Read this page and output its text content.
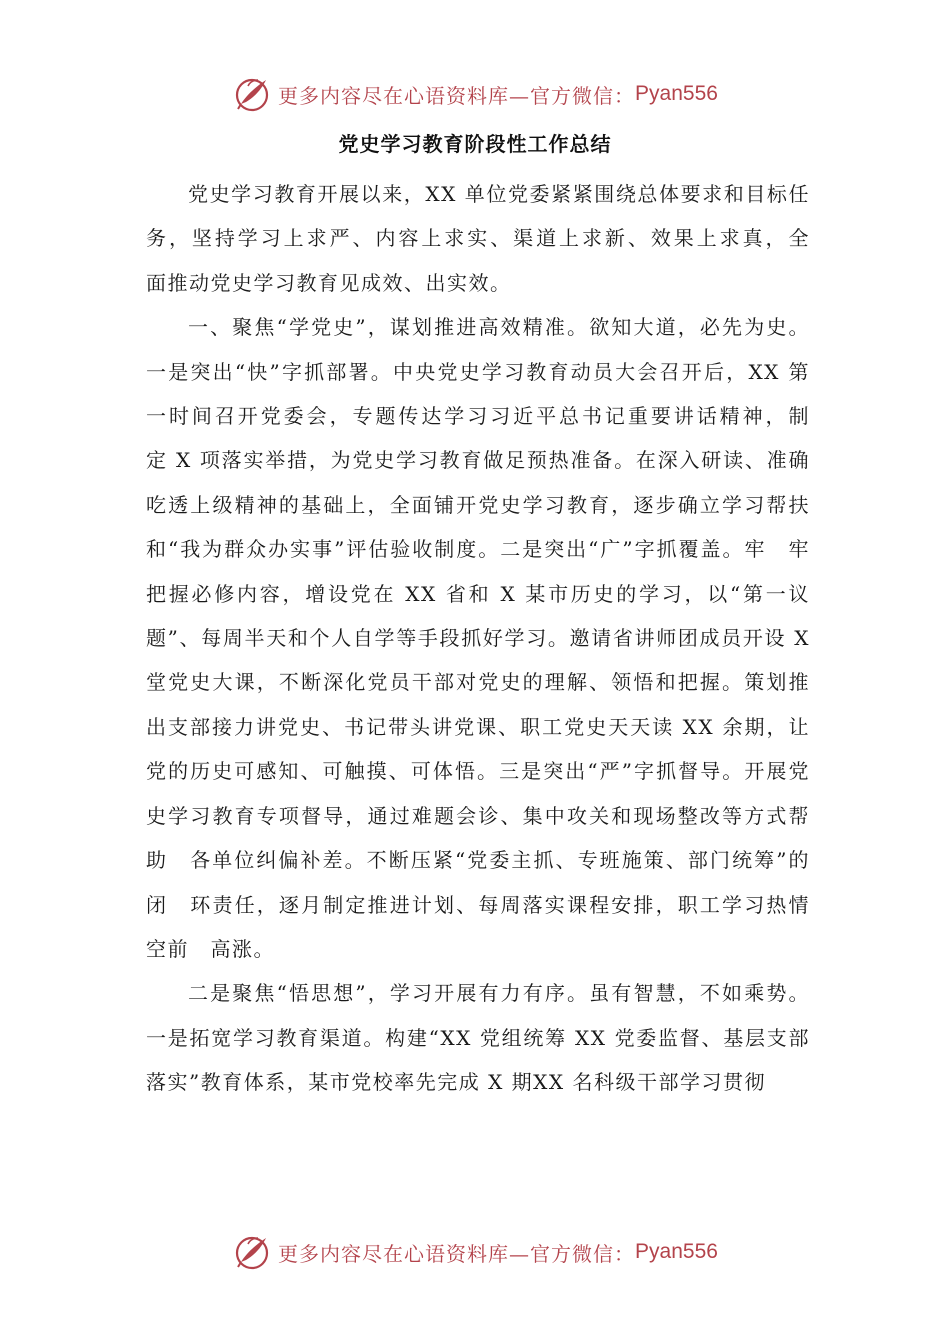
更多内容尽在心语资料库—官方微信： Pyan556
党史学习教育阶段性工作总结

党史学习教育开展以来，XX 单位党委紧紧围绕总体要求和目标任务，坚持学习上求严、内容上求实、渠道上求新、效果上求真，全　面推动党史学习教育见成效、出实效。

一、聚焦“学党史”，谋划推进高效精准。欲知大道，必先为史。一是突出“快”字抓部署。中央党史学习教育动员大会召开后，XX 第一时间召开党委会，专题传达学习习近平总书记重要讲话精神，制　定 X 项落实举措，为党史学习教育做足预热准备。在深入研读、准确吃透上级精神的基础上，全面铺开党史学习教育，逐步确立学习帮扶　和“我为群众办实事”评估验收制度。二是突出“广”字抓覆盖。牢　牢把握必修内容，增设党在 XX 省和 X 某市历史的学习，以“第一议题”、每周半天和个人自学等手段抓好学习。邀请省讲师团成员开设 X 堂党史大课，不断深化党员干部对党史的理解、领悟和把握。策划推出支部接力讲党史、书记带头讲党课、职工党史天天读 XX 余期，让党的历史可感知、可触摸、可体悟。三是突出“严”字抓督导。开展党史学习教育专项督导，通过难题会诊、集中攻关和现场整改等方式帮助　各单位纠偏补差。不断压紧“党委主抓、专班施策、部门统筹”的闭　环责任，逐月制定推进计划、每周落实课程安排，职工学习热情空前　高涨。

二是聚焦“悟思想”，学习开展有力有序。虽有智慧，不如乘势。一是拓宽学习教育渠道。构建“XX 党组统筹 XX 党委监督、基层支部落实”教育体系，某市党校率先完成 X 期XX 名科级干部学习贯彻

更多内容尽在心语资料库—官方微信： Pyan556
